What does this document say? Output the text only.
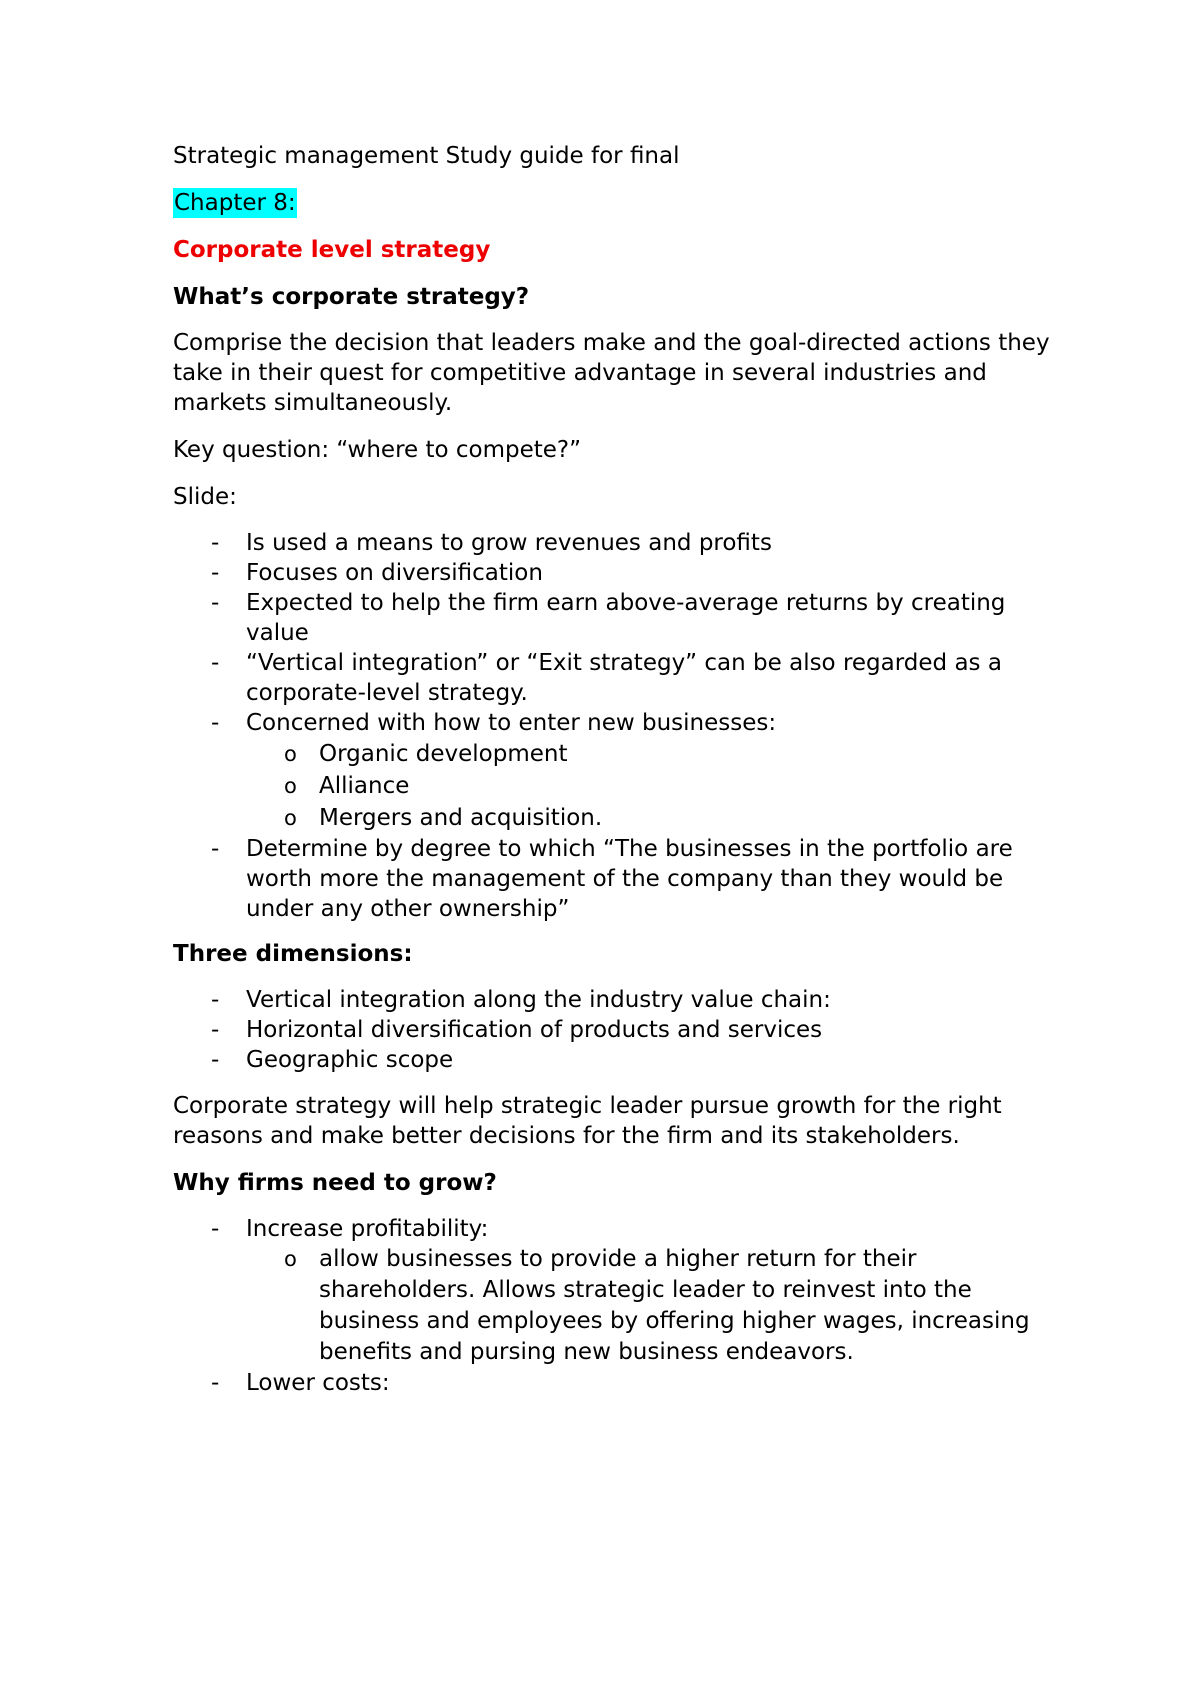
Strategic management Study guide for final

Chapter 8:

Corporate level strategy

What’s corporate strategy?

Comprise the decision that leaders make and the goal-directed actions they take in their quest for competitive advantage in several industries and markets simultaneously.

Key question: “where to compete?”

Slide:

- Is used a means to grow revenues and profits
- Focuses on diversification
- Expected to help the firm earn above-average returns by creating value
- “Vertical integration” or “Exit strategy” can be also regarded as a corporate-level strategy.
- Concerned with how to enter new businesses:
o Organic development
o Alliance
o Mergers and acquisition.
- Determine by degree to which “The businesses in the portfolio are worth more the management of the company than they would be under any other ownership”

Three dimensions:

- Vertical integration along the industry value chain:
- Horizontal diversification of products and services
- Geographic scope

Corporate strategy will help strategic leader pursue growth for the right reasons and make better decisions for the firm and its stakeholders.

Why firms need to grow?

- Increase profitability:
o allow businesses to provide a higher return for their shareholders. Allows strategic leader to reinvest into the business and employees by offering higher wages, increasing benefits and pursing new business endeavors.
- Lower costs:
